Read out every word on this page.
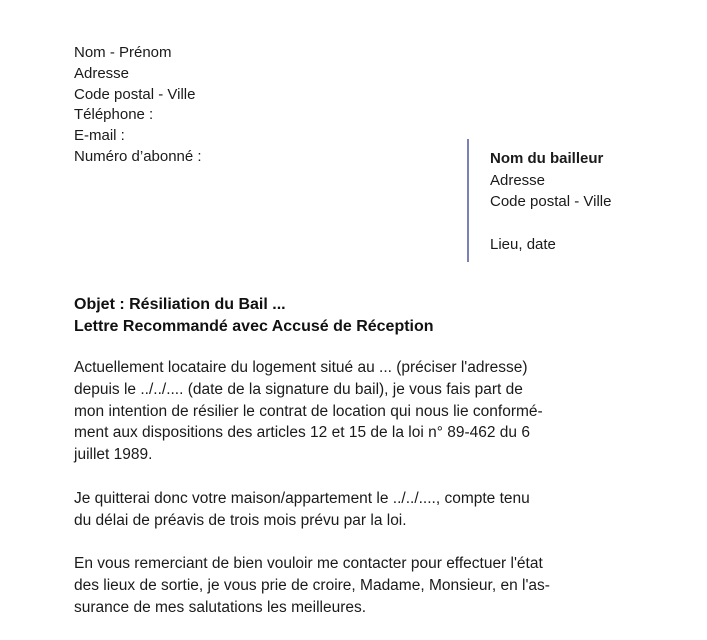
Nom - Prénom
Adresse
Code postal - Ville
Téléphone :
E-mail :
Numéro d’abonné :	Nom du bailleur
Adresse
Code postal - Ville
Lieu, date
Objet : Résiliation du Bail ...
Lettre Recommandé avec Accusé de Réception
Actuellement locataire du logement situé au ... (préciser l'adresse)
depuis le ../../.... (date de la signature du bail), je vous fais part de
mon intention de résilier le contrat de location qui nous lie conformé-
ment aux dispositions des articles 12 et 15 de la loi n° 89-462 du 6
juillet 1989.
Je quitterai donc votre maison/appartement le ../../...., compte tenu
du délai de préavis de trois mois prévu par la loi.
En vous remerciant de bien vouloir me contacter pour effectuer l'état
des lieux de sortie, je vous prie de croire, Madame, Monsieur, en l'as-
surance de mes salutations les meilleures.
